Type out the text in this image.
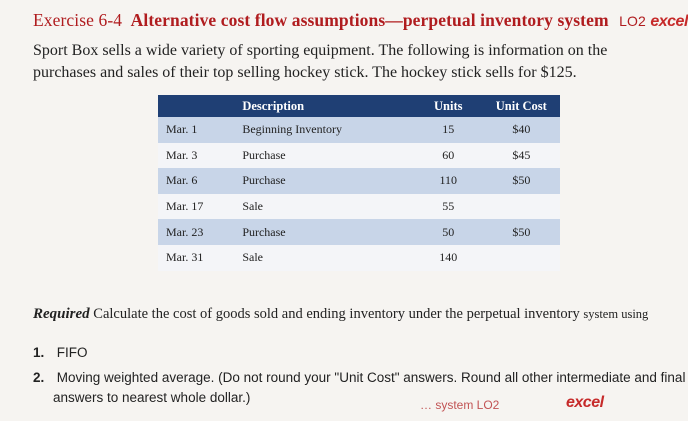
Exercise 6-4 Alternative cost flow assumptions—perpetual inventory system LO2 excel
Sport Box sells a wide variety of sporting equipment. The following is information on the purchases and sales of their top selling hockey stick. The hockey stick sells for $125.
	Description	Units	Unit Cost
Mar. 1	Beginning Inventory	15	$40
Mar. 3	Purchase	60	$45
Mar. 6	Purchase	110	$50
Mar. 17	Sale	55	
Mar. 23	Purchase	50	$50
Mar. 31	Sale	140	
Required Calculate the cost of goods sold and ending inventory under the perpetual inventory system using
1. FIFO
2. Moving weighted average. (Do not round your "Unit Cost" answers. Round all other intermediate and final
answers to nearest whole dollar.)	… system LO2	excel
